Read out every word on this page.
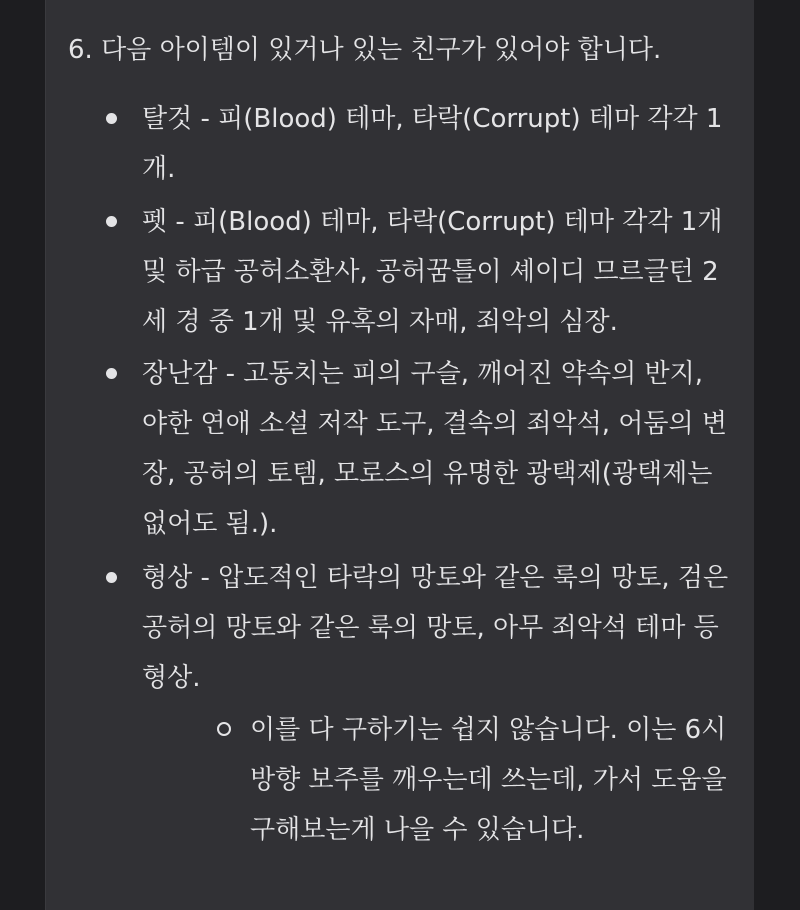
6. 다음 아이템이 있거나 있는 친구가 있어야 합니다.
탈것 - 피(Blood) 테마, 타락(Corrupt) 테마 각각 1개.
펫 - 피(Blood) 테마, 타락(Corrupt) 테마 각각 1개 및 하급 공허소환사, 공허꿈틀이 셰이디 므르글턴 2세 경 중 1개 및 유혹의 자매, 죄악의 심장.
장난감 - 고동치는 피의 구슬, 깨어진 약속의 반지, 야한 연애 소설 저작 도구, 결속의 죄악석, 어둠의 변장, 공허의 토템, 모로스의 유명한 광택제(광택제는 없어도 됨.).
형상 - 압도적인 타락의 망토와 같은 룩의 망토, 검은 공허의 망토와 같은 룩의 망토, 아무 죄악석 테마 등 형상.
이를 다 구하기는 쉽지 않습니다. 이는 6시 방향 보주를 깨우는데 쓰는데, 가서 도움을 구해보는게 나을 수 있습니다.
